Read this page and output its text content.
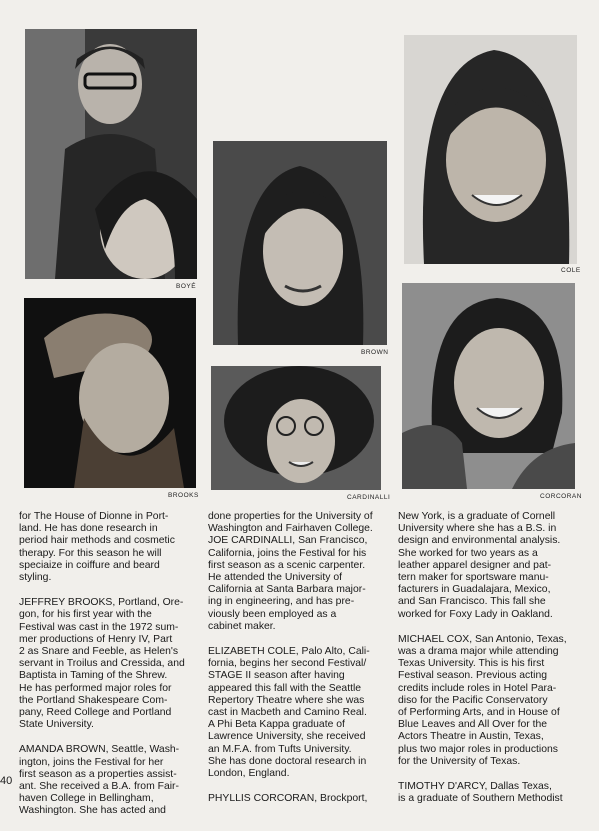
BOYÉ
BROWN
COLE
BROOKS	CARDINALLI	CORCORAN

for The House of Dionne in Port-
land. He has done research in
period hair methods and cosmetic
therapy. For this season he will
speciaize in coiffure and beard
styling.

JEFFREY BROOKS, Portland, Ore-
gon, for his first year with the
Festival was cast in the 1972 sum-
mer productions of Henry IV, Part
2 as Snare and Feeble, as Helen's
servant in Troilus and Cressida, and
Baptista in Taming of the Shrew.
He has performed major roles for
the Portland Shakespeare Com-
pany, Reed College and Portland
State University.

AMANDA BROWN, Seattle, Wash-
ington, joins the Festival for her
first season as a properties assist-
ant. She received a B.A. from Fair-
haven College in Bellingham,
Washington. She has acted and

done properties for the University of
Washington and Fairhaven College.
JOE CARDINALLI, San Francisco,
California, joins the Festival for his
first season as a scenic carpenter.
He attended the University of
California at Santa Barbara major-
ing in engineering, and has pre-
viously been employed as a
cabinet maker.

ELIZABETH COLE, Palo Alto, Cali-
fornia, begins her second Festival/
STAGE II season after having
appeared this fall with the Seattle
Repertory Theatre where she was
cast in Macbeth and Camino Real.
A Phi Beta Kappa graduate of
Lawrence University, she received
an M.F.A. from Tufts University.
She has done doctoral research in
London, England.

PHYLLIS CORCORAN, Brockport,

New York, is a graduate of Cornell
University where she has a B.S. in
design and environmental analysis.
She worked for two years as a
leather apparel designer and pat-
tern maker for sportsware manu-
facturers in Guadalajara, Mexico,
and San Francisco. This fall she
worked for Foxy Lady in Oakland.

MICHAEL COX, San Antonio, Texas,
was a drama major while attending
Texas University. This is his first
Festival season. Previous acting
credits include roles in Hotel Para-
diso for the Pacific Conservatory
of Performing Arts, and in House of
Blue Leaves and All Over for the
Actors Theatre in Austin, Texas,
plus two major roles in productions
for the University of Texas.

TIMOTHY D'ARCY, Dallas Texas,
is a graduate of Southern Methodist

40
